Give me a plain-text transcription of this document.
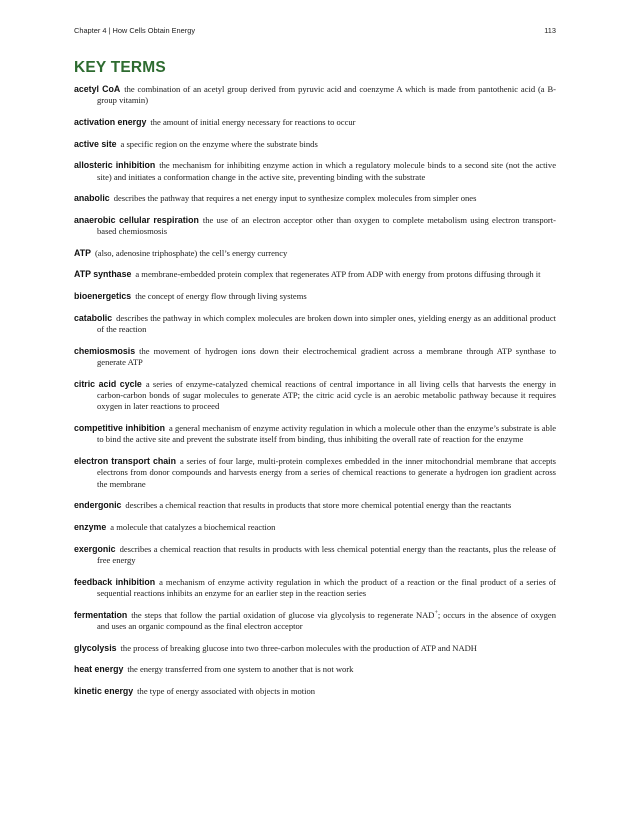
Chapter 4 | How Cells Obtain Energy	113
KEY TERMS

acetyl CoA the combination of an acetyl group derived from pyruvic acid and coenzyme A which is made from pantothenic acid (a B-group vitamin)

activation energy the amount of initial energy necessary for reactions to occur

active site a specific region on the enzyme where the substrate binds

allosteric inhibition the mechanism for inhibiting enzyme action in which a regulatory molecule binds to a second site (not the active site) and initiates a conformation change in the active site, preventing binding with the substrate

anabolic describes the pathway that requires a net energy input to synthesize complex molecules from simpler ones

anaerobic cellular respiration the use of an electron acceptor other than oxygen to complete metabolism using electron transport-based chemiosmosis

ATP (also, adenosine triphosphate) the cell’s energy currency

ATP synthase a membrane-embedded protein complex that regenerates ATP from ADP with energy from protons diffusing through it

bioenergetics the concept of energy flow through living systems

catabolic describes the pathway in which complex molecules are broken down into simpler ones, yielding energy as an additional product of the reaction

chemiosmosis the movement of hydrogen ions down their electrochemical gradient across a membrane through ATP synthase to generate ATP

citric acid cycle a series of enzyme-catalyzed chemical reactions of central importance in all living cells that harvests the energy in carbon-carbon bonds of sugar molecules to generate ATP; the citric acid cycle is an aerobic metabolic pathway because it requires oxygen in later reactions to proceed

competitive inhibition a general mechanism of enzyme activity regulation in which a molecule other than the enzyme’s substrate is able to bind the active site and prevent the substrate itself from binding, thus inhibiting the overall rate of reaction for the enzyme

electron transport chain a series of four large, multi-protein complexes embedded in the inner mitochondrial membrane that accepts electrons from donor compounds and harvests energy from a series of chemical reactions to generate a hydrogen ion gradient across the membrane

endergonic describes a chemical reaction that results in products that store more chemical potential energy than the reactants

enzyme a molecule that catalyzes a biochemical reaction

exergonic describes a chemical reaction that results in products with less chemical potential energy than the reactants, plus the release of free energy

feedback inhibition a mechanism of enzyme activity regulation in which the product of a reaction or the final product of a series of sequential reactions inhibits an enzyme for an earlier step in the reaction series

fermentation the steps that follow the partial oxidation of glucose via glycolysis to regenerate NAD+; occurs in the absence of oxygen and uses an organic compound as the final electron acceptor

glycolysis the process of breaking glucose into two three-carbon molecules with the production of ATP and NADH

heat energy the energy transferred from one system to another that is not work

kinetic energy the type of energy associated with objects in motion
